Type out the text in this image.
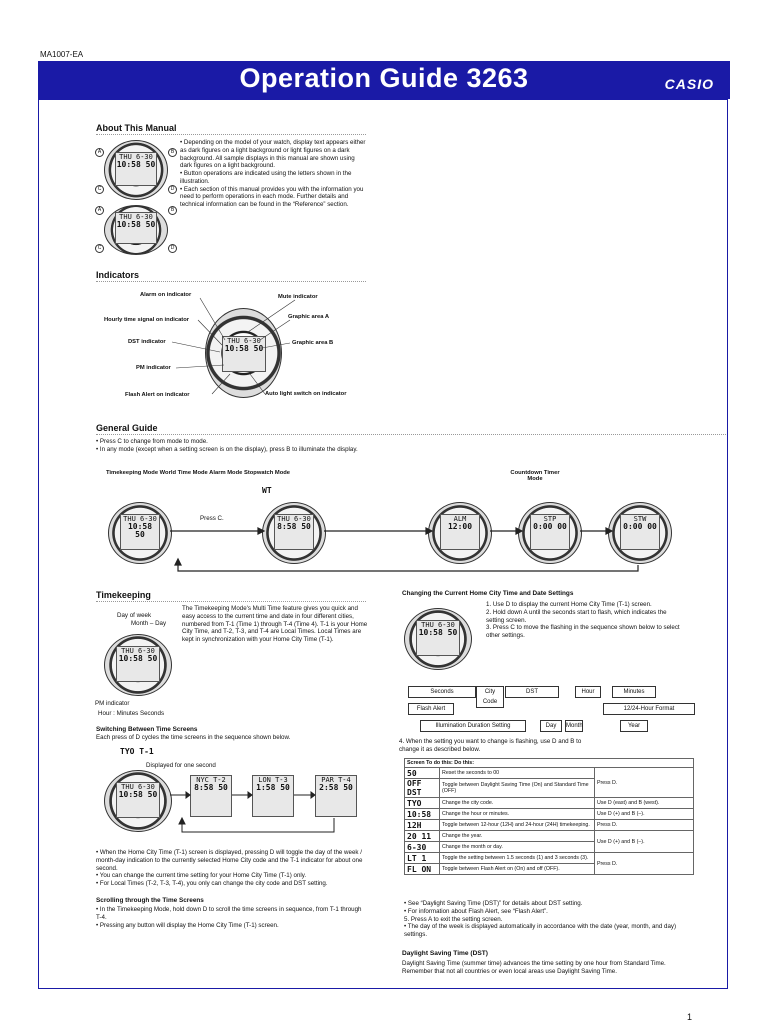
MA1007-EA
Operation Guide 3263	CASIO
About This Manual
THU 6-30
10:58 50
THU 6-30
10:58 50
A	B
C	D
A	B
C	D
• Depending on the model of your watch, display text appears either as dark figures on a light background or light figures on a dark background. All sample displays in this manual are shown using dark figures on a light background.
• Button operations are indicated using the letters shown in the illustration.
• Each section of this manual provides you with the information you need to perform operations in each mode. Further details and technical information can be found in the “Reference” section.
Indicators
THU 6-30
10:58 50
Alarm on indicator	Mute indicator
Hourly time signal on indicator	Graphic area A
DST indicator	Graphic area B
PM indicator
Flash Alert on indicator	Auto light switch on indicator
General Guide
• Press C to change from mode to mode.
• In any mode (except when a setting screen is on the display), press B to illuminate the display.
Timekeeping Mode World Time Mode Alarm Mode Stopwatch Mode	Countdown Timer Mode
THU 6-30
10:58 50
THU 6-30
8:58 50
WT
ALM
12:00
STP
0:00 00
STW
0:00 00
Press C.
Timekeeping
Day of week
Month – Day
THU 6-30
10:58 50
PM indicator
Hour : Minutes Seconds
The Timekeeping Mode's Multi Time feature gives you quick and easy access to the current time and date in four different cities, numbered from T-1 (Time 1) through T-4 (Time 4). T-1 is your Home City Time, and T-2, T-3, and T-4 are Local Times. Local Times are kept in synchronization with your Home City Time (T-1).
Switching Between Time Screens
Each press of D cycles the time screens in the sequence shown below.
TYO T-1
Displayed for one second
THU 6-30
10:58 50
NYC T-2
8:58 50
LON T-3
1:58 50
PAR T-4
2:58 50
• When the Home City Time (T-1) screen is displayed, pressing D will toggle the day of the week / month-day indication to the currently selected Home City code and the T-1 indicator for about one second.
• You can change the current time setting for your Home City Time (T-1) only.
• For Local Times (T-2, T-3, T-4), you only can change the city code and DST setting.
Scrolling through the Time Screens
• In the Timekeeping Mode, hold down D to scroll the time screens in sequence, from T-1 through T-4.
• Pressing any button will display the Home City Time (T-1) screen.
Changing the Current Home City Time and Date Settings
THU 6-30
10:58 50
1. Use D to display the current Home City Time (T-1) screen.
2. Hold down A until the seconds start to flash, which indicates the setting screen.
3. Press C to move the flashing in the sequence shown below to select other settings.
Seconds	City Code
DST	Hour	Minutes
Flash Alert	12/24-Hour Format
Illumination Duration Setting	Day	Month	Year
4. When the setting you want to change is flashing, use D and B to change it as described below.
Screen To do this: Do this:		
50	Reset the seconds to 00	Press D.
OFF DST	Toggle between Daylight Saving Time (On) and Standard Time (OFF)	
TYO	Change the city code.	Use D (east) and B (west).
10:58	Change the hour or minutes.	Use D (+) and B (–).
12H	Toggle between 12-hour (12H) and 24-hour (24H) timekeeping.	Press D.
20 11	Change the year.	Use D (+) and B (–).
6-30	Change the month or day.	
LT 1	Toggle the setting between 1.5 seconds (1) and 3 seconds (3).	Press D.
FL ON	Toggle between Flash Alert on (On) and off (OFF).	
• See “Daylight Saving Time (DST)” for details about DST setting.
• For information about Flash Alert, see “Flash Alert”.
5. Press A to exit the setting screen.
• The day of the week is displayed automatically in accordance with the date (year, month, and day) settings.
Daylight Saving Time (DST)
Daylight Saving Time (summer time) advances the time setting by one hour from Standard Time. Remember that not all countries or even local areas use Daylight Saving Time.
1
